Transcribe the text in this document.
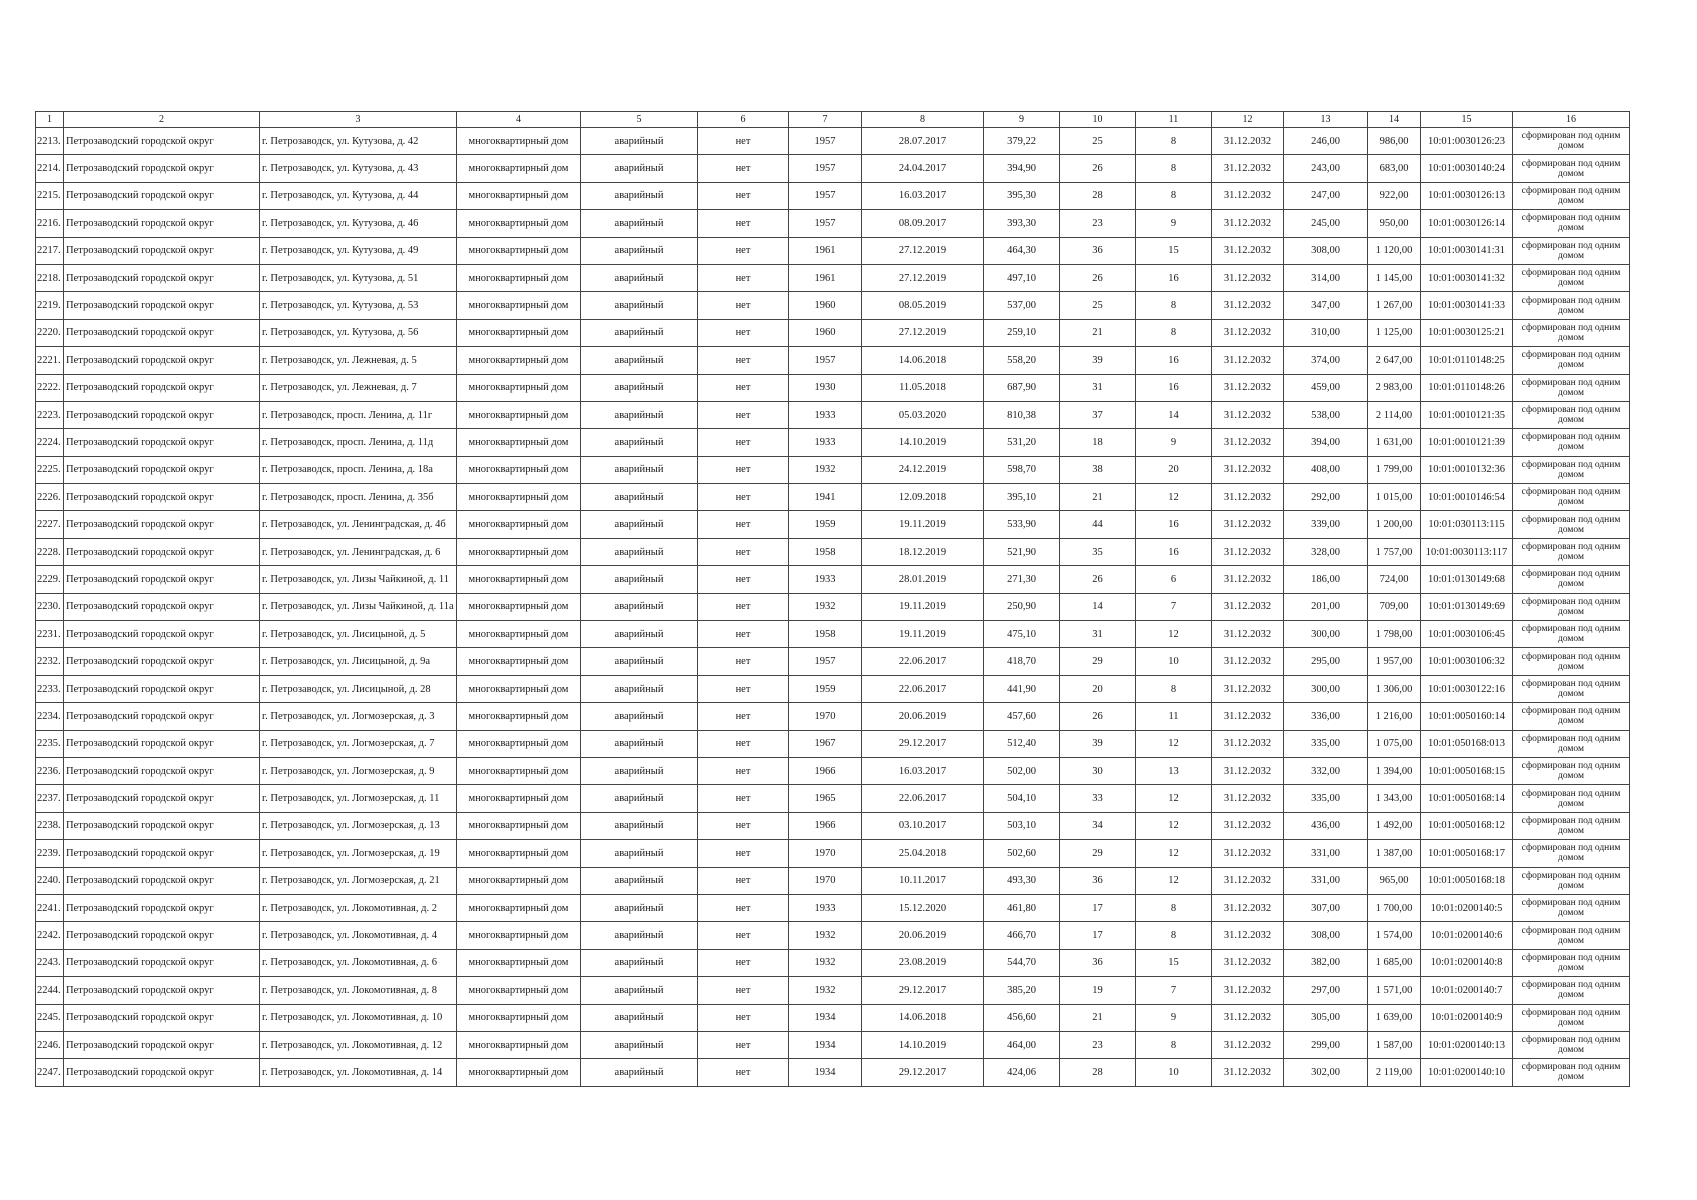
1	2	3	4	5	6	7	8	9	10	11	12	13	14	15	16
2213.	Петрозаводский городской округ	г. Петрозаводск, ул. Кутузова, д. 42	многоквартирный дом	аварийный	нет	1957	28.07.2017	379,22	25	8	31.12.2032	246,00	986,00	10:01:0030126:23	сформирован под одним домом
2214.	Петрозаводский городской округ	г. Петрозаводск, ул. Кутузова, д. 43	многоквартирный дом	аварийный	нет	1957	24.04.2017	394,90	26	8	31.12.2032	243,00	683,00	10:01:0030140:24	сформирован под одним домом
2215.	Петрозаводский городской округ	г. Петрозаводск, ул. Кутузова, д. 44	многоквартирный дом	аварийный	нет	1957	16.03.2017	395,30	28	8	31.12.2032	247,00	922,00	10:01:0030126:13	сформирован под одним домом
2216.	Петрозаводский городской округ	г. Петрозаводск, ул. Кутузова, д. 46	многоквартирный дом	аварийный	нет	1957	08.09.2017	393,30	23	9	31.12.2032	245,00	950,00	10:01:0030126:14	сформирован под одним домом
2217.	Петрозаводский городской округ	г. Петрозаводск, ул. Кутузова, д. 49	многоквартирный дом	аварийный	нет	1961	27.12.2019	464,30	36	15	31.12.2032	308,00	1 120,00	10:01:0030141:31	сформирован под одним домом
2218.	Петрозаводский городской округ	г. Петрозаводск, ул. Кутузова, д. 51	многоквартирный дом	аварийный	нет	1961	27.12.2019	497,10	26	16	31.12.2032	314,00	1 145,00	10:01:0030141:32	сформирован под одним домом
2219.	Петрозаводский городской округ	г. Петрозаводск, ул. Кутузова, д. 53	многоквартирный дом	аварийный	нет	1960	08.05.2019	537,00	25	8	31.12.2032	347,00	1 267,00	10:01:0030141:33	сформирован под одним домом
2220.	Петрозаводский городской округ	г. Петрозаводск, ул. Кутузова, д. 56	многоквартирный дом	аварийный	нет	1960	27.12.2019	259,10	21	8	31.12.2032	310,00	1 125,00	10:01:0030125:21	сформирован под одним домом
2221.	Петрозаводский городской округ	г. Петрозаводск, ул. Лежневая, д. 5	многоквартирный дом	аварийный	нет	1957	14.06.2018	558,20	39	16	31.12.2032	374,00	2 647,00	10:01:0110148:25	сформирован под одним домом
2222.	Петрозаводский городской округ	г. Петрозаводск, ул. Лежневая, д. 7	многоквартирный дом	аварийный	нет	1930	11.05.2018	687,90	31	16	31.12.2032	459,00	2 983,00	10:01:0110148:26	сформирован под одним домом
2223.	Петрозаводский городской округ	г. Петрозаводск, просп. Ленина, д. 11г	многоквартирный дом	аварийный	нет	1933	05.03.2020	810,38	37	14	31.12.2032	538,00	2 114,00	10:01:0010121:35	сформирован под одним домом
2224.	Петрозаводский городской округ	г. Петрозаводск, просп. Ленина, д. 11д	многоквартирный дом	аварийный	нет	1933	14.10.2019	531,20	18	9	31.12.2032	394,00	1 631,00	10:01:0010121:39	сформирован под одним домом
2225.	Петрозаводский городской округ	г. Петрозаводск, просп. Ленина, д. 18а	многоквартирный дом	аварийный	нет	1932	24.12.2019	598,70	38	20	31.12.2032	408,00	1 799,00	10:01:0010132:36	сформирован под одним домом
2226.	Петрозаводский городской округ	г. Петрозаводск, просп. Ленина, д. 35б	многоквартирный дом	аварийный	нет	1941	12.09.2018	395,10	21	12	31.12.2032	292,00	1 015,00	10:01:0010146:54	сформирован под одним домом
2227.	Петрозаводский городской округ	г. Петрозаводск, ул. Ленинградская, д. 4б	многоквартирный дом	аварийный	нет	1959	19.11.2019	533,90	44	16	31.12.2032	339,00	1 200,00	10:01:030113:115	сформирован под одним домом
2228.	Петрозаводский городской округ	г. Петрозаводск, ул. Ленинградская, д. 6	многоквартирный дом	аварийный	нет	1958	18.12.2019	521,90	35	16	31.12.2032	328,00	1 757,00	10:01:0030113:117	сформирован под одним домом
2229.	Петрозаводский городской округ	г. Петрозаводск, ул. Лизы Чайкиной, д. 11	многоквартирный дом	аварийный	нет	1933	28.01.2019	271,30	26	6	31.12.2032	186,00	724,00	10:01:0130149:68	сформирован под одним домом
2230.	Петрозаводский городской округ	г. Петрозаводск, ул. Лизы Чайкиной, д. 11а	многоквартирный дом	аварийный	нет	1932	19.11.2019	250,90	14	7	31.12.2032	201,00	709,00	10:01:0130149:69	сформирован под одним домом
2231.	Петрозаводский городской округ	г. Петрозаводск, ул. Лисицыной, д. 5	многоквартирный дом	аварийный	нет	1958	19.11.2019	475,10	31	12	31.12.2032	300,00	1 798,00	10:01:0030106:45	сформирован под одним домом
2232.	Петрозаводский городской округ	г. Петрозаводск, ул. Лисицыной, д. 9а	многоквартирный дом	аварийный	нет	1957	22.06.2017	418,70	29	10	31.12.2032	295,00	1 957,00	10:01:0030106:32	сформирован под одним домом
2233.	Петрозаводский городской округ	г. Петрозаводск, ул. Лисицыной, д. 28	многоквартирный дом	аварийный	нет	1959	22.06.2017	441,90	20	8	31.12.2032	300,00	1 306,00	10:01:0030122:16	сформирован под одним домом
2234.	Петрозаводский городской округ	г. Петрозаводск, ул. Логмозерская, д. 3	многоквартирный дом	аварийный	нет	1970	20.06.2019	457,60	26	11	31.12.2032	336,00	1 216,00	10:01:0050160:14	сформирован под одним домом
2235.	Петрозаводский городской округ	г. Петрозаводск, ул. Логмозерская, д. 7	многоквартирный дом	аварийный	нет	1967	29.12.2017	512,40	39	12	31.12.2032	335,00	1 075,00	10:01:050168:013	сформирован под одним домом
2236.	Петрозаводский городской округ	г. Петрозаводск, ул. Логмозерская, д. 9	многоквартирный дом	аварийный	нет	1966	16.03.2017	502,00	30	13	31.12.2032	332,00	1 394,00	10:01:0050168:15	сформирован под одним домом
2237.	Петрозаводский городской округ	г. Петрозаводск, ул. Логмозерская, д. 11	многоквартирный дом	аварийный	нет	1965	22.06.2017	504,10	33	12	31.12.2032	335,00	1 343,00	10:01:0050168:14	сформирован под одним домом
2238.	Петрозаводский городской округ	г. Петрозаводск, ул. Логмозерская, д. 13	многоквартирный дом	аварийный	нет	1966	03.10.2017	503,10	34	12	31.12.2032	436,00	1 492,00	10:01:0050168:12	сформирован под одним домом
2239.	Петрозаводский городской округ	г. Петрозаводск, ул. Логмозерская, д. 19	многоквартирный дом	аварийный	нет	1970	25.04.2018	502,60	29	12	31.12.2032	331,00	1 387,00	10:01:0050168:17	сформирован под одним домом
2240.	Петрозаводский городской округ	г. Петрозаводск, ул. Логмозерская, д. 21	многоквартирный дом	аварийный	нет	1970	10.11.2017	493,30	36	12	31.12.2032	331,00	965,00	10:01:0050168:18	сформирован под одним домом
2241.	Петрозаводский городской округ	г. Петрозаводск, ул. Локомотивная, д. 2	многоквартирный дом	аварийный	нет	1933	15.12.2020	461,80	17	8	31.12.2032	307,00	1 700,00	10:01:0200140:5	сформирован под одним домом
2242.	Петрозаводский городской округ	г. Петрозаводск, ул. Локомотивная, д. 4	многоквартирный дом	аварийный	нет	1932	20.06.2019	466,70	17	8	31.12.2032	308,00	1 574,00	10:01:0200140:6	сформирован под одним домом
2243.	Петрозаводский городской округ	г. Петрозаводск, ул. Локомотивная, д. 6	многоквартирный дом	аварийный	нет	1932	23.08.2019	544,70	36	15	31.12.2032	382,00	1 685,00	10:01:0200140:8	сформирован под одним домом
2244.	Петрозаводский городской округ	г. Петрозаводск, ул. Локомотивная, д. 8	многоквартирный дом	аварийный	нет	1932	29.12.2017	385,20	19	7	31.12.2032	297,00	1 571,00	10:01:0200140:7	сформирован под одним домом
2245.	Петрозаводский городской округ	г. Петрозаводск, ул. Локомотивная, д. 10	многоквартирный дом	аварийный	нет	1934	14.06.2018	456,60	21	9	31.12.2032	305,00	1 639,00	10:01:0200140:9	сформирован под одним домом
2246.	Петрозаводский городской округ	г. Петрозаводск, ул. Локомотивная, д. 12	многоквартирный дом	аварийный	нет	1934	14.10.2019	464,00	23	8	31.12.2032	299,00	1 587,00	10:01:0200140:13	сформирован под одним домом
2247.	Петрозаводский городской округ	г. Петрозаводск, ул. Локомотивная, д. 14	многоквартирный дом	аварийный	нет	1934	29.12.2017	424,06	28	10	31.12.2032	302,00	2 119,00	10:01:0200140:10	сформирован под одним домом
